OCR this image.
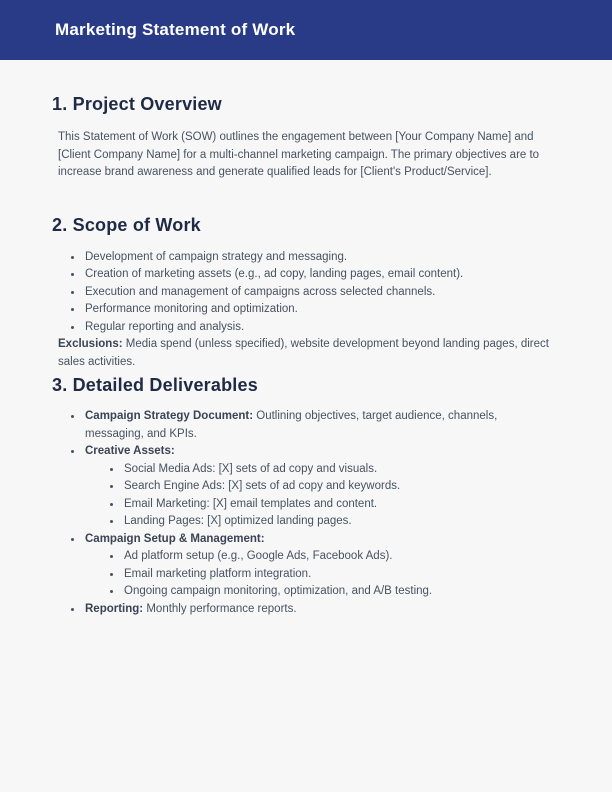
Marketing Statement of Work
1. Project Overview

This Statement of Work (SOW) outlines the engagement between [Your Company Name] and [Client Company Name] for a multi-channel marketing campaign. The primary objectives are to increase brand awareness and generate qualified leads for [Client's Product/Service].

2. Scope of Work
• Development of campaign strategy and messaging.
• Creation of marketing assets (e.g., ad copy, landing pages, email content).
• Execution and management of campaigns across selected channels.
• Performance monitoring and optimization.
• Regular reporting and analysis.

Exclusions: Media spend (unless specified), website development beyond landing pages, direct sales activities.

3. Detailed Deliverables
• Campaign Strategy Document: Outlining objectives, target audience, channels, messaging, and KPIs.
• Creative Assets:
• Social Media Ads: [X] sets of ad copy and visuals.
• Search Engine Ads: [X] sets of ad copy and keywords.
• Email Marketing: [X] email templates and content.
• Landing Pages: [X] optimized landing pages.
• Campaign Setup & Management:
• Ad platform setup (e.g., Google Ads, Facebook Ads).
• Email marketing platform integration.
• Ongoing campaign monitoring, optimization, and A/B testing.
• Reporting: Monthly performance reports.
